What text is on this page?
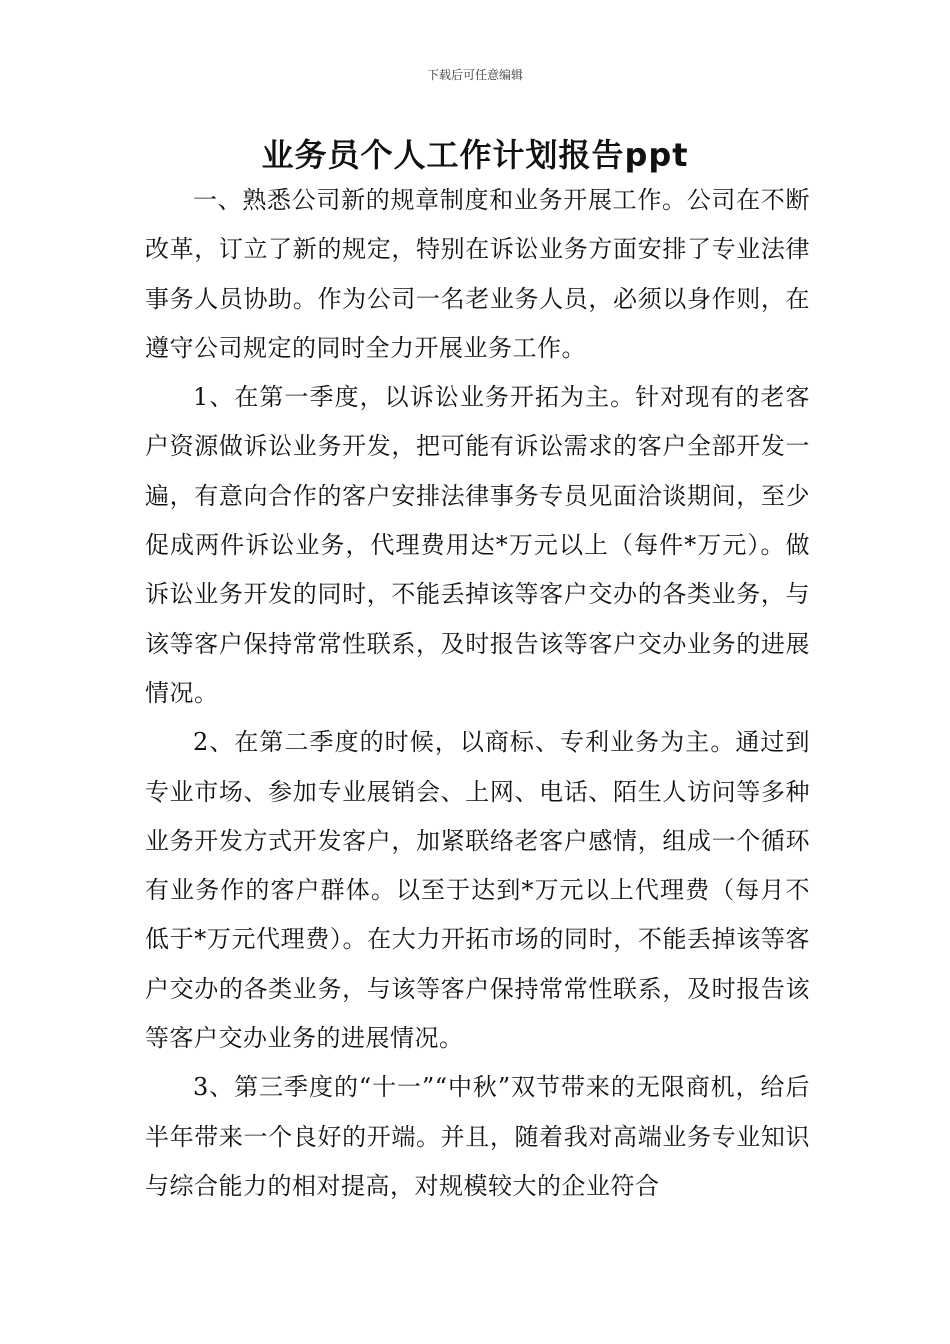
下载后可任意编辑
业务员个人工作计划报告ppt

一、熟悉公司新的规章制度和业务开展工作。公司在不断改革，订立了新的规定，特别在诉讼业务方面安排了专业法律事务人员协助。作为公司一名老业务人员，必须以身作则，在遵守公司规定的同时全力开展业务工作。

1、在第一季度，以诉讼业务开拓为主。针对现有的老客户资源做诉讼业务开发，把可能有诉讼需求的客户全部开发一遍，有意向合作的客户安排法律事务专员见面洽谈期间，至少促成两件诉讼业务，代理费用达*万元以上（每件*万元）。做诉讼业务开发的同时，不能丢掉该等客户交办的各类业务，与该等客户保持常常性联系，及时报告该等客户交办业务的进展情况。

2、在第二季度的时候，以商标、专利业务为主。通过到专业市场、参加专业展销会、上网、电话、陌生人访问等多种业务开发方式开发客户，加紧联络老客户感情，组成一个循环有业务作的客户群体。以至于达到*万元以上代理费（每月不低于*万元代理费）。在大力开拓市场的同时，不能丢掉该等客户交办的各类业务，与该等客户保持常常性联系，及时报告该等客户交办业务的进展情况。

3、第三季度的“十一”“中秋”双节带来的无限商机，给后半年带来一个良好的开端。并且，随着我对高端业务专业知识与综合能力的相对提高，对规模较大的企业符合
